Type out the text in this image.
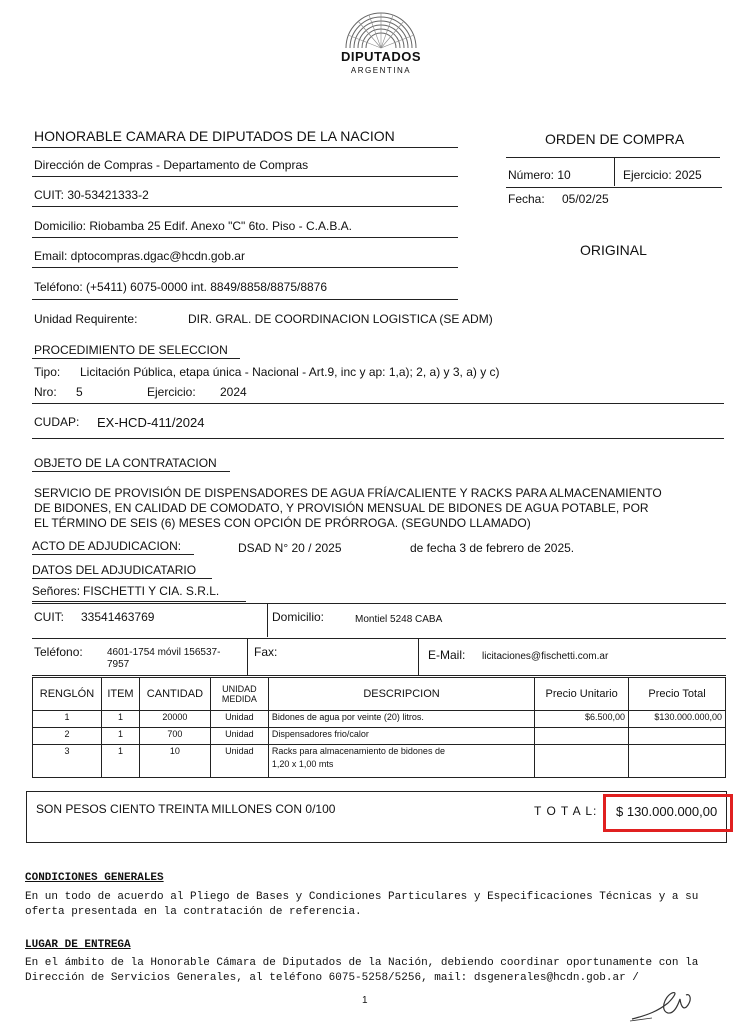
DIPUTADOS
ARGENTINA
HONORABLE CAMARA DE DIPUTADOS DE LA NACION
Dirección de Compras - Departamento de Compras
CUIT: 30-53421333-2
Domicilio: Riobamba 25 Edif. Anexo "C" 6to. Piso - C.A.B.A.
Email: dptocompras.dgac@hcdn.gob.ar
Teléfono: (+5411) 6075-0000 int. 8849/8858/8875/8876
ORDEN DE COMPRA
Número: 10	Ejercicio: 2025
Fecha: 05/02/25
ORIGINAL
Unidad Requirente:	DIR. GRAL. DE COORDINACION LOGISTICA (SE ADM)
PROCEDIMIENTO DE SELECCION
Tipo: Licitación Pública, etapa única - Nacional - Art.9, inc y ap: 1,a); 2, a) y 3, a) y c)
Nro: 5	Ejercicio: 2024
CUDAP: EX-HCD-411/2024
OBJETO DE LA CONTRATACION
SERVICIO DE PROVISIÓN DE DISPENSADORES DE AGUA FRÍA/CALIENTE Y RACKS PARA ALMACENAMIENTO
DE BIDONES, EN CALIDAD DE COMODATO, Y PROVISIÓN MENSUAL DE BIDONES DE AGUA POTABLE, POR
EL TÉRMINO DE SEIS (6) MESES CON OPCIÓN DE PRÓRROGA. (SEGUNDO LLAMADO)
ACTO DE ADJUDICACION:	DSAD N° 20 / 2025	de fecha 3 de febrero de 2025.
DATOS DEL ADJUDICATARIO
Señores: FISCHETTI Y CIA. S.R.L.
CUIT: 33541463769	Domicilio:	Montiel 5248 CABA
Teléfono: 4601-1754 móvil 156537-
7957
Fax:	E-Mail: licitaciones@fischetti.com.ar
RENGLÓN	ITEM	CANTIDAD	UNIDAD MEDIDA	DESCRIPCION	Precio Unitario	Precio Total
1	1	20000	Unidad	Bidones de agua por veinte (20) litros.	$6.500,00	$130.000.000,00
2	1	700	Unidad	Dispensadores frio/calor		
3	1	10	Unidad	Racks para almacenamiento de bidones de
1,20 x 1,00 mts		

SON PESOS CIENTO TREINTA MILLONES CON 0/100	T O T A L: $ 130.000.000,00
CONDICIONES GENERALES
En un todo de acuerdo al Pliego de Bases y Condiciones Particulares y Especificaciones Técnicas y a su
oferta presentada en la contratación de referencia.
LUGAR DE ENTREGA
En el ámbito de la Honorable Cámara de Diputados de la Nación, debiendo coordinar oportunamente con la
Dirección de Servicios Generales, al teléfono 6075-5258/5256, mail: dsgenerales@hcdn.gob.ar /
1
